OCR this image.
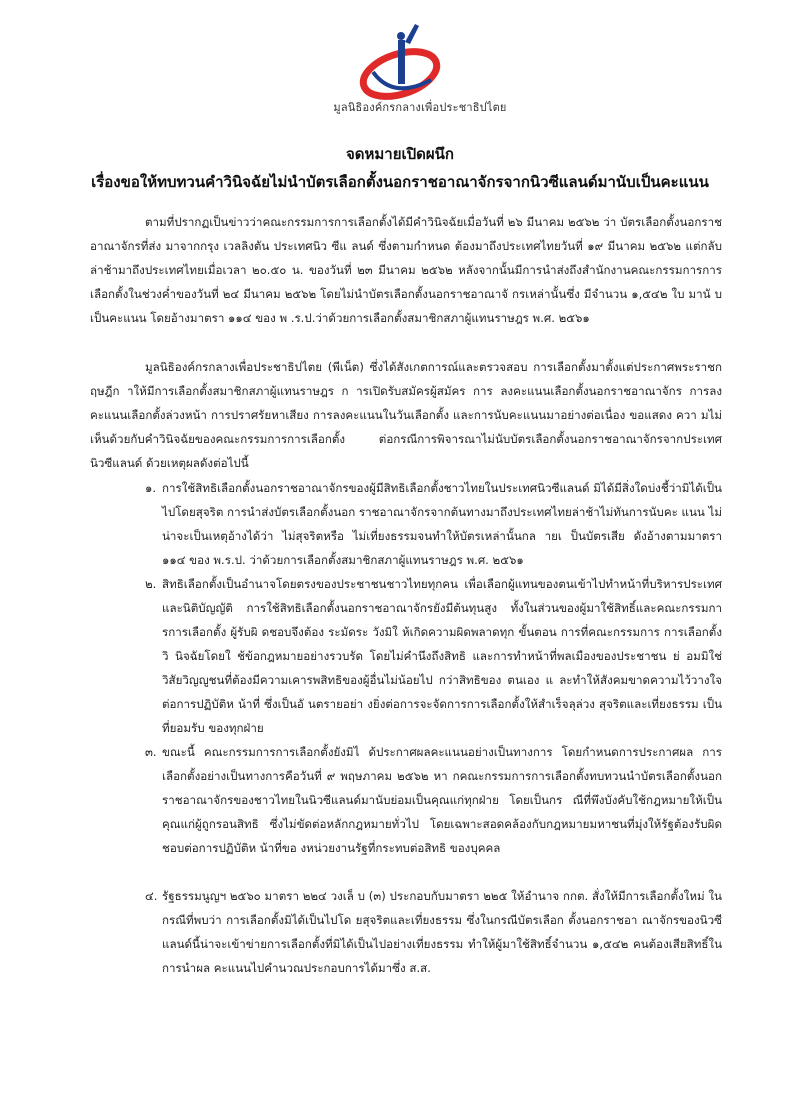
มูลนิธิองค์กรกลางเพื่อประชาธิปไตย
จดหมายเปิดผนึก
เรื่องขอให้ทบทวนคำวินิจฉัยไม่นำบัตรเลือกตั้งนอกราชอาณาจักรจากนิวซีแลนด์มานับเป็นคะแนน

ตามที่ปรากฏเป็นข่าวว่าคณะกรรมการการเลือกตั้งได้มีคำวินิจฉัยเมื่อวันที่ ๒๖ มีนาคม ๒๕๖๒ ว่า บัตรเลือกตั้งนอกราชอาณาจักรที่ส่ง มาจากกรุง เวลลิงตัน ประเทศนิว ซีแ ลนด์ ซึ่งตามกำหนด ต้องมาถึงประเทศไทยวันที่ ๑๙ มีนาคม ๒๕๖๒ แต่กลับล่าช้ามาถึงประเทศไทยเมื่อเวลา ๒๐.๕๐ น. ของวันที่ ๒๓ มีนาคม ๒๕๖๒ หลังจากนั้นมีการนำส่งถึงสำนักงานคณะกรรมการการเลือกตั้งในช่วงค่ำของวันที่ ๒๔ มีนาคม ๒๕๖๒ โดยไม่นำบัตรเลือกตั้งนอกราชอาณาจั กรเหล่านั้นซึ่ง มีจำนวน ๑,๕๔๒ ใบ มานั บเป็นคะแนน โดยอ้างมาตรา ๑๑๔ ของ พ .ร.ป.ว่าด้วยการเลือกตั้งสมาชิกสภาผู้แทนราษฎร พ.ศ. ๒๕๖๑

มูลนิธิองค์กรกลางเพื่อประชาธิปไตย (พีเน็ต) ซึ่งได้สังเกตการณ์และตรวจสอบ การเลือกตั้งมาตั้งแต่ประกาศพระราชกฤษฎีก าให้มีการเลือกตั้งสมาชิกสภาผู้แทนราษฎร ก ารเปิดรับสมัครผู้สมัคร การ ลงคะแนนเลือกตั้งนอกราชอาณาจักร การลงคะแนนเลือกตั้งล่วงหน้า การปราศรัยหาเสียง การลงคะแนนในวันเลือกตั้ง และการนับคะแนนมาอย่างต่อเนื่อง ขอแสดง ควา มไม่เห็นด้วยกับคำวินิจฉัยของคณะกรรมการการเลือกตั้ง ต่อกรณีการพิจารณาไม่นับบัตรเลือกตั้งนอกราชอาณาจักรจากประเทศนิวซีแลนด์ ด้วยเหตุผลดังต่อไปนี้

๑. การใช้สิทธิเลือกตั้งนอกราชอาณาจักรของผู้มีสิทธิเลือกตั้งชาวไทยในประเทศนิวซีแลนด์ มิได้มีสิ่งใดบ่งชี้ว่ามิได้เป็นไปโดยสุจริต การนำส่งบัตรเลือกตั้งนอก ราชอาณาจักรจากต้นทางมาถึงประเทศไทยล่าช้าไม่ทันการนับคะ แนน ไม่น่าจะเป็นเหตุอ้างได้ว่า ไม่สุจริตหรือ ไม่เที่ยงธรรมจนทำให้บัตรเหล่านั้นกล ายเ ป็นบัตรเสีย ดังอ้างตามมาตรา ๑๑๔ ของ พ.ร.ป. ว่าด้วยการเลือกตั้งสมาชิกสภาผู้แทนราษฎร พ.ศ. ๒๕๖๑
๒. สิทธิเลือกตั้งเป็นอำนาจโดยตรงของประชาชนชาวไทยทุกคน เพื่อเลือกผู้แทนของตนเข้าไปทำหน้าที่บริหารประเทศและนิติบัญญัติ การใช้สิทธิเลือกตั้งนอกราชอาณาจักรยังมีต้นทุนสูง ทั้งในส่วนของผู้มาใช้สิทธิ์และคณะกรรมกา รการเลือกตั้ง ผู้รับผิ ดชอบจึงต้อง ระมัดระ วังมิใ ห้เกิดความผิดพลาดทุก ขั้นตอน การที่คณะกรรมการ การเลือกตั้งวิ นิจฉัยโดยใ ช้ข้อกฎหมายอย่างรวบรัด โดยไม่คำนึงถึงสิทธิ และการทำหน้าที่พลเมืองของประชาชน ย่ อมมิใช่วิสัยวิญญูชนที่ต้องมีความเคารพสิทธิของผู้อื่นไม่น้อยไป กว่าสิทธิของ ตนเอง แ ละทำให้สังคมขาดความไว้วางใจต่อการปฏิบัติห น้าที่ ซึ่งเป็นอั นตรายอย่า งยิ่งต่อการจะจัดการการเลือกตั้งให้สำเร็จลุล่วง สุจริตและเที่ยงธรรม เป็นที่ยอมรับ ของทุกฝ่าย
๓. ขณะนี้ คณะกรรมการการเลือกตั้งยังมิไ ด้ประกาศผลคะแนนอย่างเป็นทางการ โดยกำหนดการประกาศผล การเลือกตั้งอย่างเป็นทางการคือวันที่ ๙ พฤษภาคม ๒๕๖๒ หา กคณะกรรมการการเลือกตั้งทบทวนนำบัตรเลือกตั้งนอกราชอาณาจักรของชาวไทยในนิวซีแลนด์มานับย่อมเป็นคุณแก่ทุกฝ่าย โดยเป็นกร ณีที่พึงบังคับใช้กฎหมายให้เป็นคุณแก่ผู้ถูกรอนสิทธิ ซึ่งไม่ขัดต่อหลักกฎหมายทั่วไป โดยเฉพาะสอดคล้องกับกฎหมายมหาชนที่มุ่งให้รัฐต้องรับผิดชอบต่อการปฏิบัติห น้าที่ขอ งหน่วยงานรัฐที่กระทบต่อสิทธิ ของบุคคล
๔. รัฐธรรมนูญฯ ๒๕๖๐ มาตรา ๒๒๔ วงเล็ บ (๓) ประกอบกับมาตรา ๒๒๕ ให้อำนาจ กกต. สั่งให้มีการเลือกตั้งใหม่ ในกรณีที่พบว่า การเลือกตั้งมิได้เป็นไปโด ยสุจริตและเที่ยงธรรม ซึ่งในกรณีบัตรเลือก ตั้งนอกราชอา ณาจักรของนิวซี แลนด์นี้น่าจะเข้าข่ายการเลือกตั้งที่มิได้เป็นไปอย่างเที่ยงธรรม ทำให้ผู้มาใช้สิทธิ์จำนวน ๑,๕๔๒ คนต้องเสียสิทธิ์ในการนำผล คะแนนไปคำนวณประกอบการได้มาซึ่ง ส.ส.
